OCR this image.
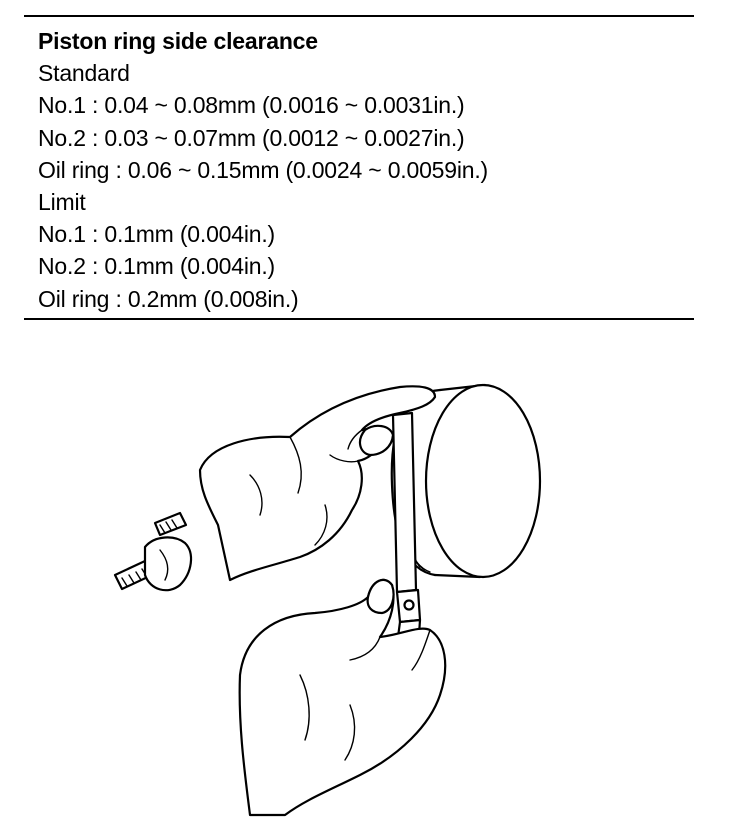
Piston ring side clearance
Standard
No.1 : 0.04 ~ 0.08mm (0.0016 ~ 0.0031in.)
No.2 : 0.03 ~ 0.07mm (0.0012 ~ 0.0027in.)
Oil ring : 0.06 ~ 0.15mm (0.0024 ~ 0.0059in.)
Limit
No.1 : 0.1mm (0.004in.)
No.2 : 0.1mm (0.004in.)
Oil ring : 0.2mm (0.008in.)
